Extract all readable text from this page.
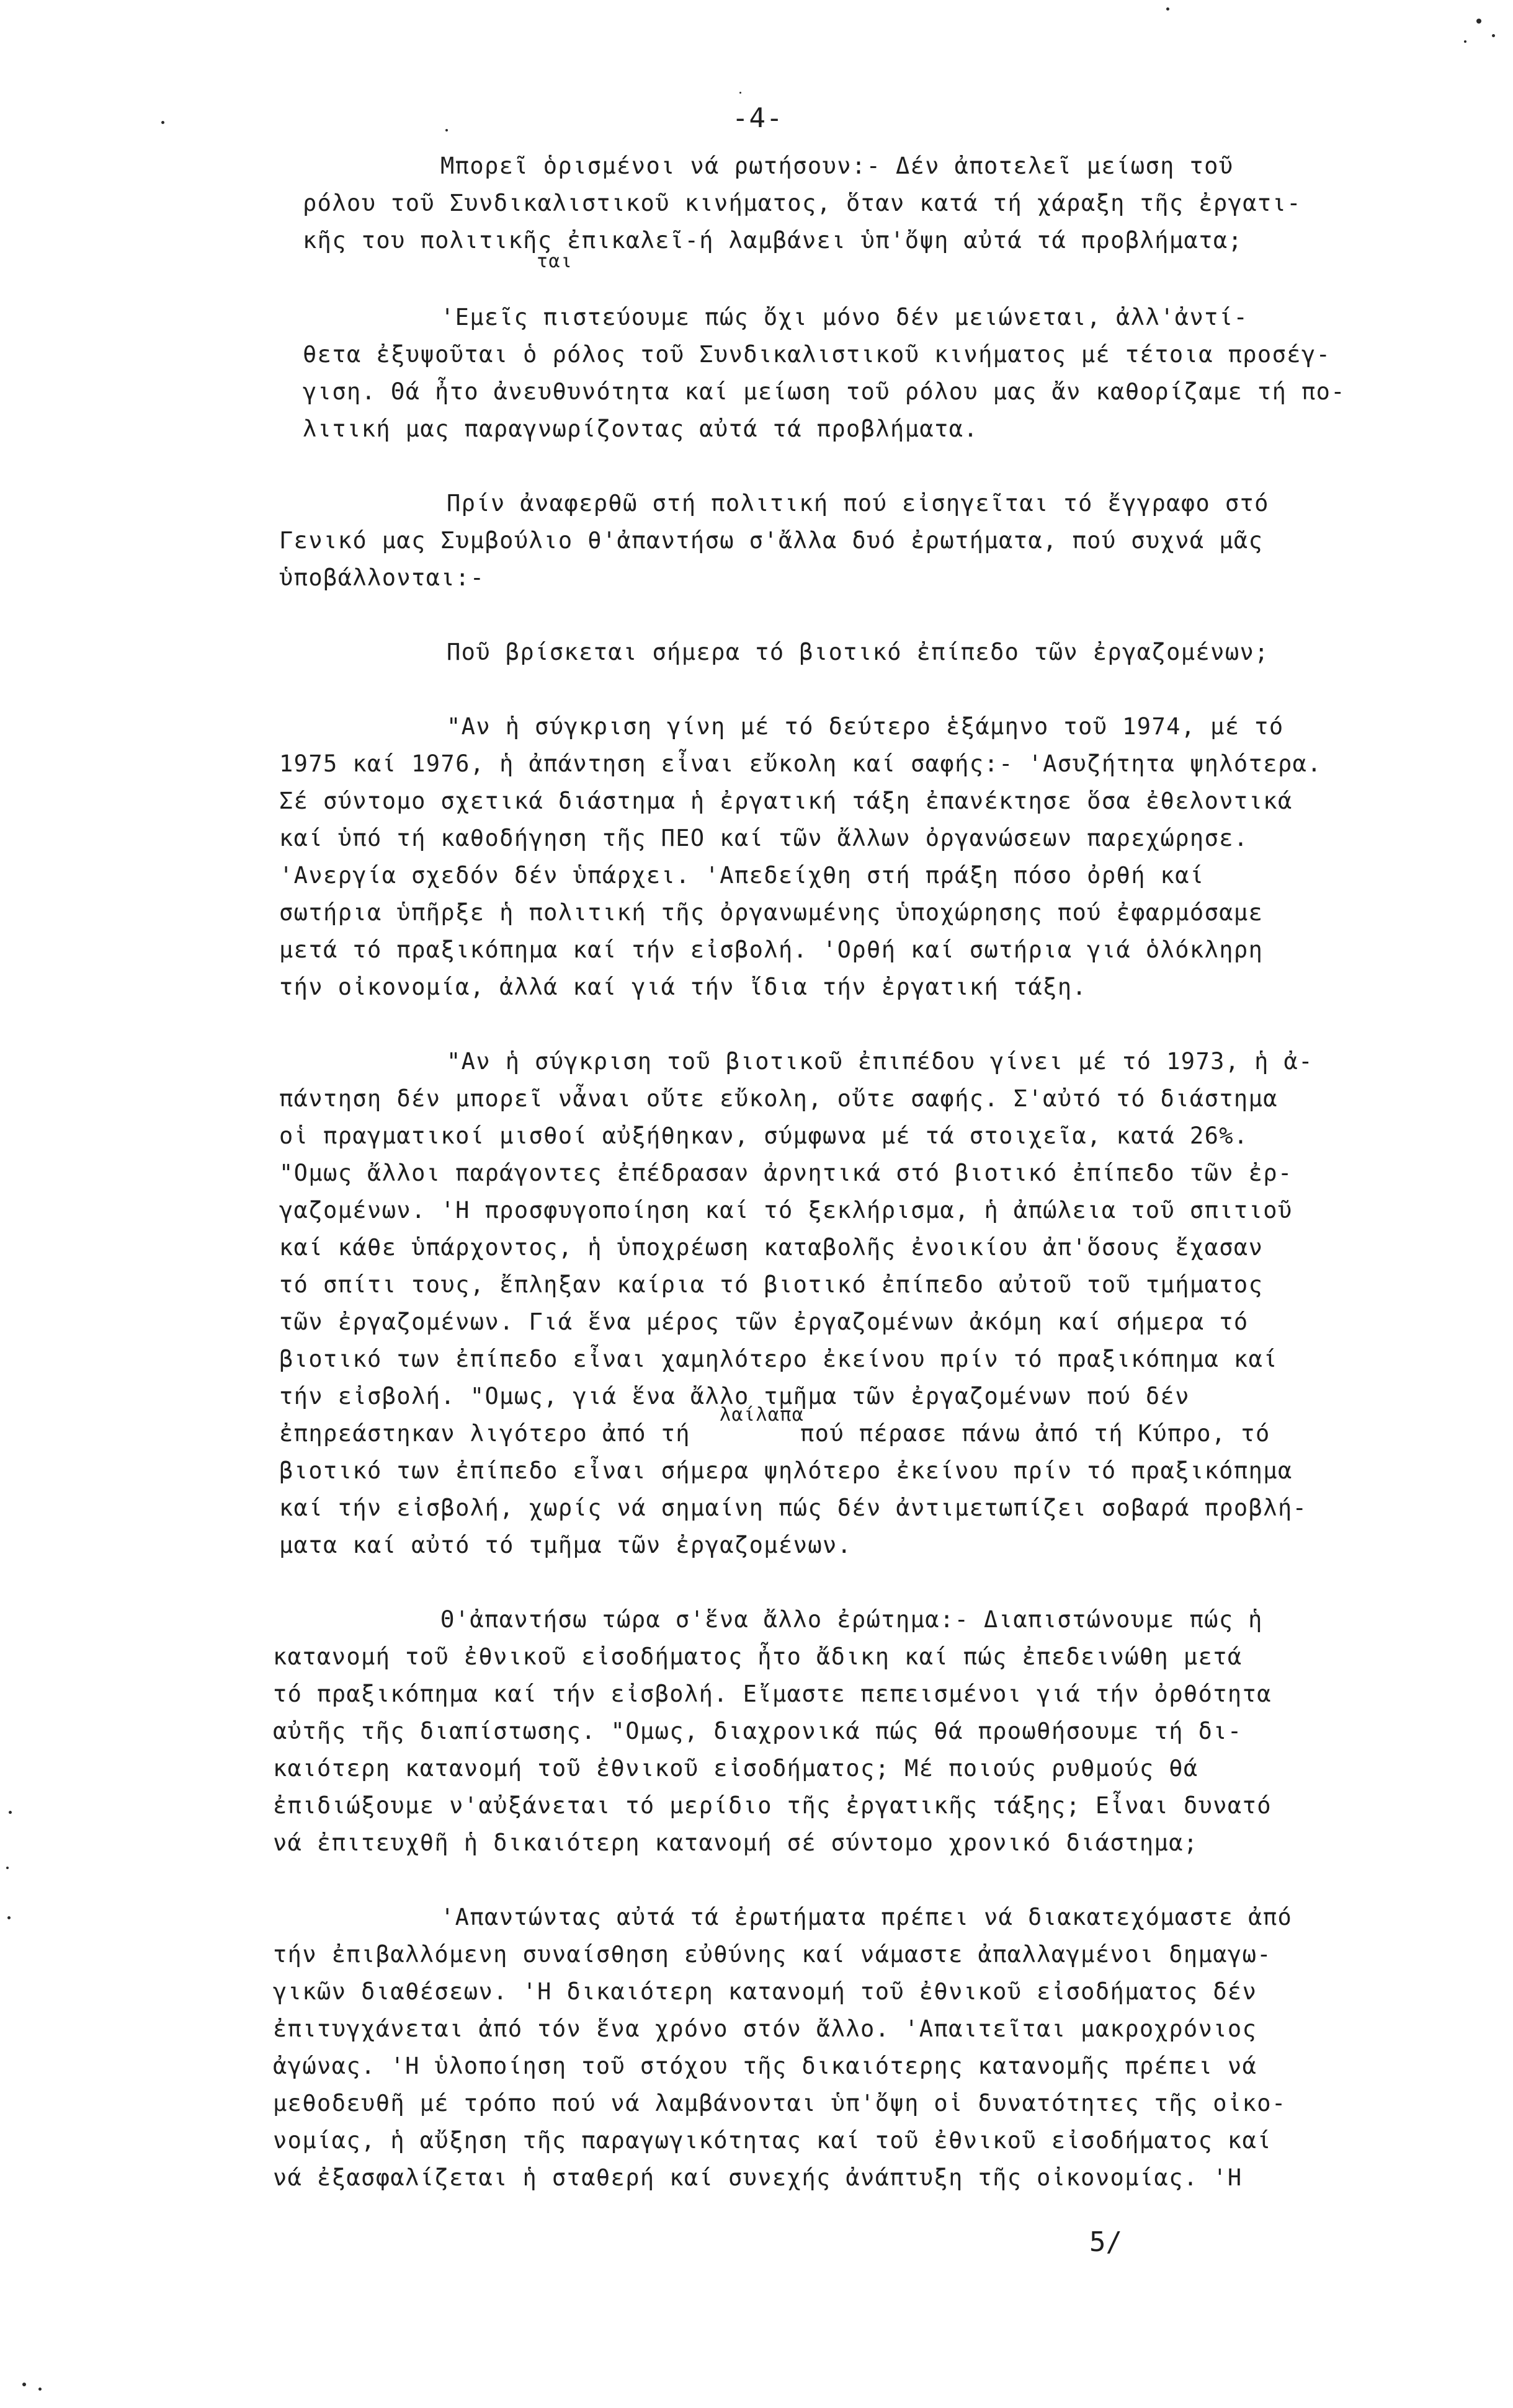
-4-
Μπορεῖ ὁρισμένοι νά ρωτήσουν:- Δέν ἀποτελεῖ μείωση τοῦ
ρόλου τοῦ Συνδικαλιστικοῦ κινήματος, ὅταν κατά τή χάραξη τῆς ἐργατι-
κῆς του πολιτικῆς ἐπικαλεῖ-ή λαμβάνει ὑπ'ὄψη αὐτά τά προβλήματα;
ται
'Εμεῖς πιστεύουμε πώς ὄχι μόνο δέν μειώνεται, ἀλλ'ἀντί-
θετα ἐξυψοῦται ὁ ρόλος τοῦ Συνδικαλιστικοῦ κινήματος μέ τέτοια προσέγ-
γιση. Θά ἦτο ἀνευθυνότητα καί μείωση τοῦ ρόλου μας ἄν καθορίζαμε τή πο-
λιτική μας παραγνωρίζοντας αὐτά τά προβλήματα.
Πρίν ἀναφερθῶ στή πολιτική πού εἰσηγεῖται τό ἔγγραφο στό
Γενικό μας Συμβούλιο θ'ἀπαντήσω σ'ἄλλα δυό ἐρωτήματα, πού συχνά μᾶς
ὑποβάλλονται:-
Ποῦ βρίσκεται σήμερα τό βιοτικό ἐπίπεδο τῶν ἐργαζομένων;
"Αν ἡ σύγκριση γίνη μέ τό δεύτερο ἑξάμηνο τοῦ 1974, μέ τό
1975 καί 1976, ἡ ἀπάντηση εἶναι εὔκολη καί σαφής:- 'Ασυζήτητα ψηλότερα.
Σέ σύντομο σχετικά διάστημα ἡ ἐργατική τάξη ἐπανέκτησε ὅσα ἐθελοντικά
καί ὑπό τή καθοδήγηση τῆς ΠΕΟ καί τῶν ἄλλων ὀργανώσεων παρεχώρησε.
'Ανεργία σχεδόν δέν ὑπάρχει. 'Απεδείχθη στή πράξη πόσο ὀρθή καί
σωτήρια ὑπῆρξε ἡ πολιτική τῆς ὀργανωμένης ὑποχώρησης πού ἐφαρμόσαμε
μετά τό πραξικόπημα καί τήν εἰσβολή. 'Ορθή καί σωτήρια γιά ὁλόκληρη
τήν οἰκονομία, ἀλλά καί γιά τήν ἴδια τήν ἐργατική τάξη.
"Αν ἡ σύγκριση τοῦ βιοτικοῦ ἐπιπέδου γίνει μέ τό 1973, ἡ ἀ-
πάντηση δέν μπορεῖ νἆναι οὔτε εὔκολη, οὔτε σαφής. Σ'αὐτό τό διάστημα
οἱ πραγματικοί μισθοί αὐξήθηκαν, σύμφωνα μέ τά στοιχεῖα, κατά 26%.
"Ομως ἄλλοι παράγοντες ἐπέδρασαν ἀρνητικά στό βιοτικό ἐπίπεδο τῶν ἐρ-
γαζομένων. 'Η προσφυγοποίηση καί τό ξεκλήρισμα, ἡ ἀπώλεια τοῦ σπιτιοῦ
καί κάθε ὑπάρχοντος, ἡ ὑποχρέωση καταβολῆς ἐνοικίου ἀπ'ὅσους ἔχασαν
τό σπίτι τους, ἔπληξαν καίρια τό βιοτικό ἐπίπεδο αὐτοῦ τοῦ τμήματος
τῶν ἐργαζομένων. Γιά ἕνα μέρος τῶν ἐργαζομένων ἀκόμη καί σήμερα τό
βιοτικό των ἐπίπεδο εἶναι χαμηλότερο ἐκείνου πρίν τό πραξικόπημα καί
τήν εἰσβολή. "Ομως, γιά ἕνα ἄλλο τμῆμα τῶν ἐργαζομένων πού δέν
ἐπηρεάστηκαν λιγότερο ἀπό τή
λαίλαπα
πού πέρασε πάνω ἀπό τή Κύπρο, τό
βιοτικό των ἐπίπεδο εἶναι σήμερα ψηλότερο ἐκείνου πρίν τό πραξικόπημα
καί τήν εἰσβολή, χωρίς νά σημαίνη πώς δέν ἀντιμετωπίζει σοβαρά προβλή-
ματα καί αὐτό τό τμῆμα τῶν ἐργαζομένων.
Θ'ἀπαντήσω τώρα σ'ἕνα ἄλλο ἐρώτημα:- Διαπιστώνουμε πώς ἡ
κατανομή τοῦ ἐθνικοῦ εἰσοδήματος ἦτο ἄδικη καί πώς ἐπεδεινώθη μετά
τό πραξικόπημα καί τήν εἰσβολή. Εἴμαστε πεπεισμένοι γιά τήν ὀρθότητα
αὐτῆς τῆς διαπίστωσης. "Ομως, διαχρονικά πώς θά προωθήσουμε τή δι-
καιότερη κατανομή τοῦ ἐθνικοῦ εἰσοδήματος; Μέ ποιούς ρυθμούς θά
ἐπιδιώξουμε ν'αὐξάνεται τό μερίδιο τῆς ἐργατικῆς τάξης; Εἶναι δυνατό
νά ἐπιτευχθῆ ἡ δικαιότερη κατανομή σέ σύντομο χρονικό διάστημα;
'Απαντώντας αὐτά τά ἐρωτήματα πρέπει νά διακατεχόμαστε ἀπό
τήν ἐπιβαλλόμενη συναίσθηση εὐθύνης καί νάμαστε ἀπαλλαγμένοι δημαγω-
γικῶν διαθέσεων. 'Η δικαιότερη κατανομή τοῦ ἐθνικοῦ εἰσοδήματος δέν
ἐπιτυγχάνεται ἀπό τόν ἕνα χρόνο στόν ἄλλο. 'Απαιτεῖται μακροχρόνιος
ἀγώνας. 'Η ὑλοποίηση τοῦ στόχου τῆς δικαιότερης κατανομῆς πρέπει νά
μεθοδευθῆ μέ τρόπο πού νά λαμβάνονται ὑπ'ὄψη οἱ δυνατότητες τῆς οἰκο-
νομίας, ἡ αὔξηση τῆς παραγωγικότητας καί τοῦ ἐθνικοῦ εἰσοδήματος καί
νά ἐξασφαλίζεται ἡ σταθερή καί συνεχής ἀνάπτυξη τῆς οἰκονομίας. 'Η
5/
